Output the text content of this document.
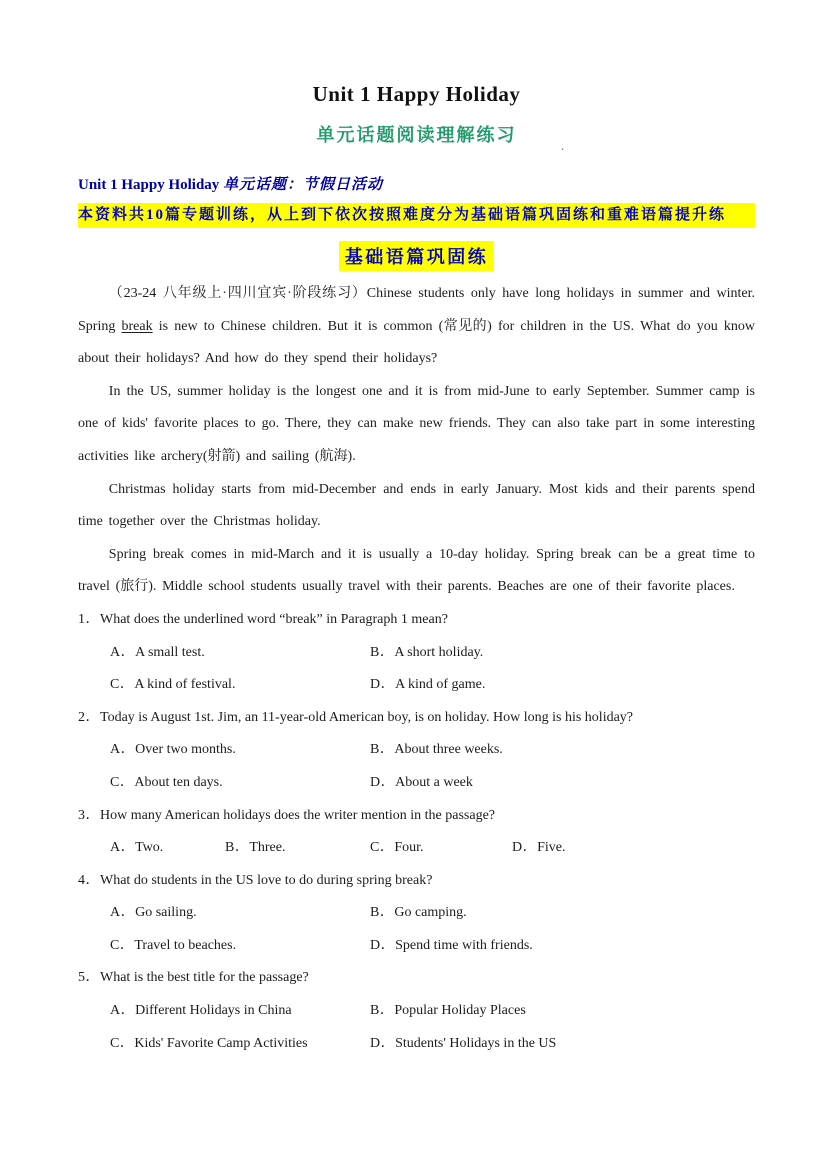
.
Unit 1 Happy Holiday
单元话题阅读理解练习
Unit 1 Happy Holiday 单元话题：节假日活动
本资料共10篇专题训练，从上到下依次按照难度分为基础语篇巩固练和重难语篇提升练
基础语篇巩固练

（23-24 八年级上·四川宜宾·阶段练习）Chinese students only have long holidays in summer and winter. Spring break is new to Chinese children. But it is common (常见的) for children in the US. What do you know about their holidays? And how do they spend their holidays?

In the US, summer holiday is the longest one and it is from mid-June to early September. Summer camp is one of kids' favorite places to go. There, they can make new friends. They can also take part in some interesting activities like archery(射箭) and sailing (航海).

Christmas holiday starts from mid-December and ends in early January. Most kids and their parents spend time together over the Christmas holiday.

Spring break comes in mid-March and it is usually a 10-day holiday. Spring break can be a great time to travel (旅行). Middle school students usually travel with their parents. Beaches are one of their favorite places.

1．What does the underlined word “break” in Paragraph 1 mean?
A．A small test.	B．A short holiday.
C．A kind of festival.	D．A kind of game.
2．Today is August 1st. Jim, an 11-year-old American boy, is on holiday. How long is his holiday?
A．Over two months.	B．About three weeks.
C．About ten days.	D．About a week
3．How many American holidays does the writer mention in the passage?
A．Two.	B．Three.	C．Four.	D．Five.
4．What do students in the US love to do during spring break?
A．Go sailing.	B．Go camping.
C．Travel to beaches.	D．Spend time with friends.
5．What is the best title for the passage?
A．Different Holidays in China	B．Popular Holiday Places
C．Kids' Favorite Camp Activities	D．Students' Holidays in the US
